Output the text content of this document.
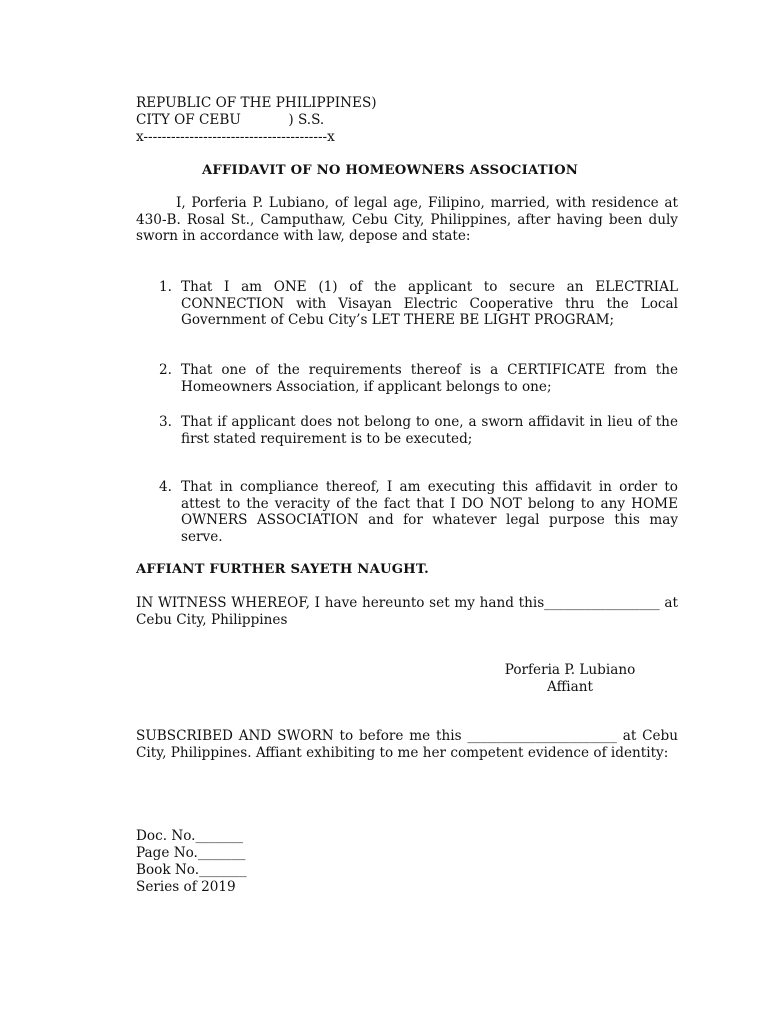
REPUBLIC OF THE PHILIPPINES)
CITY OF CEBU           ) S.S.
x----------------------------------------x
AFFIDAVIT OF NO HOMEOWNERS ASSOCIATION

I, Porferia P. Lubiano, of legal age, Filipino, married, with residence at 430-B. Rosal St., Camputhaw, Cebu City, Philippines, after having been duly sworn in accordance with law, depose and state:

1. That I am ONE (1) of the applicant to secure an ELECTRIAL CONNECTION with Visayan Electric Cooperative thru the Local Government of Cebu City’s LET THERE BE LIGHT PROGRAM;

2. That one of the requirements thereof is a CERTIFICATE from the Homeowners Association, if applicant belongs to one;

3. That if applicant does not belong to one, a sworn affidavit in lieu of the first stated requirement is to be executed;

4. That in compliance thereof, I am executing this affidavit in order to attest to the veracity of the fact that I DO NOT belong to any HOME OWNERS ASSOCIATION and for whatever legal purpose this may serve.

AFFIANT FURTHER SAYETH NAUGHT.

IN WITNESS WHEREOF, I have hereunto set my hand this_________________ at Cebu City, Philippines

Porferia P. Lubiano
Affiant

SUBSCRIBED AND SWORN to before me this ______________________ at Cebu City, Philippines. Affiant exhibiting to me her competent evidence of identity:

Doc. No._______
Page No._______
Book No._______
Series of 2019
